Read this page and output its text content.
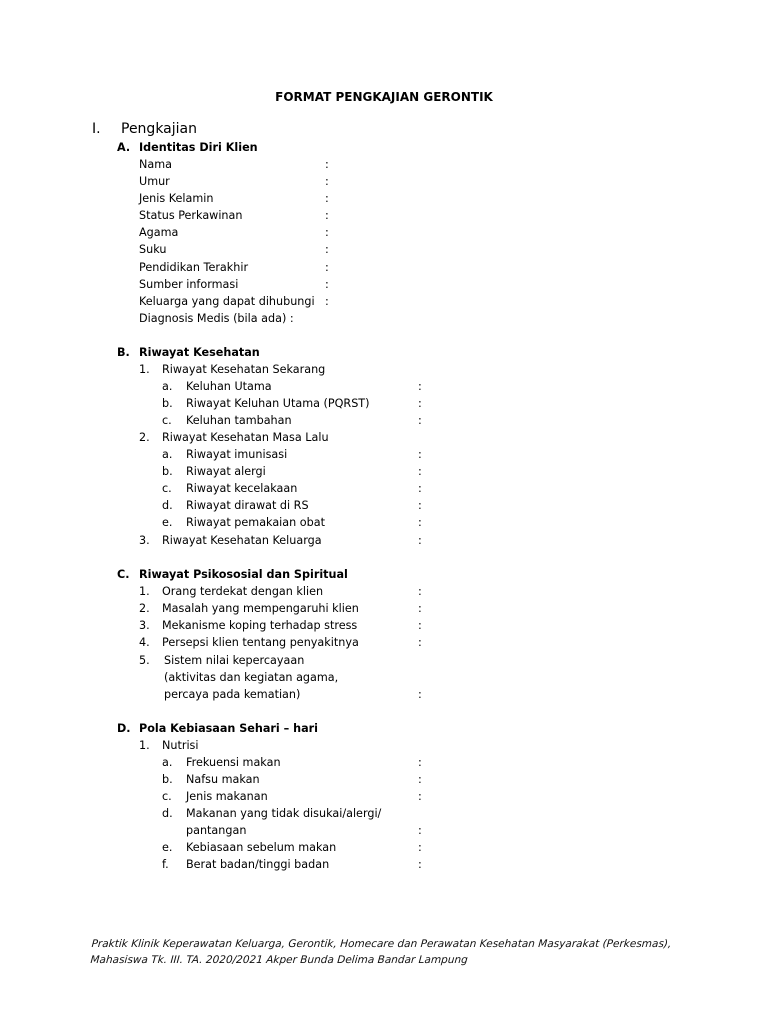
FORMAT PENGKAJIAN GERONTIK
I. Pengkajian
A. Identitas Diri Klien
Nama	:
Umur	:
Jenis Kelamin	:
Status Perkawinan	:
Agama	:
Suku	:
Pendidikan Terakhir	:
Sumber informasi	:
Keluarga yang dapat dihubungi :
Diagnosis Medis (bila ada) :
B. Riwayat Kesehatan
1. Riwayat Kesehatan Sekarang
a. Keluhan Utama	:
b. Riwayat Keluhan Utama (PQRST)	:
c. Keluhan tambahan	:
2. Riwayat Kesehatan Masa Lalu
a. Riwayat imunisasi	:
b. Riwayat alergi	:
c. Riwayat kecelakaan	:
d. Riwayat dirawat di RS	:
e. Riwayat pemakaian obat	:
3. Riwayat Kesehatan Keluarga	:
C. Riwayat Psikososial dan Spiritual
1. Orang terdekat dengan klien	:
2. Masalah yang mempengaruhi klien	:
3. Mekanisme koping terhadap stress	:
4. Persepsi klien tentang penyakitnya	:
5. Sistem nilai kepercayaan
(aktivitas dan kegiatan agama,
percaya pada kematian)	:
D. Pola Kebiasaan Sehari – hari
1. Nutrisi
a. Frekuensi makan	:
b. Nafsu makan	:
c. Jenis makanan	:
d. Makanan yang tidak disukai/alergi/
pantangan	:
e. Kebiasaan sebelum makan	:
f. Berat badan/tinggi badan	:
Praktik Klinik Keperawatan Keluarga, Gerontik, Homecare dan Perawatan Kesehatan Masyarakat (Perkesmas),
Mahasiswa Tk. III. TA. 2020/2021 Akper Bunda Delima Bandar Lampung
